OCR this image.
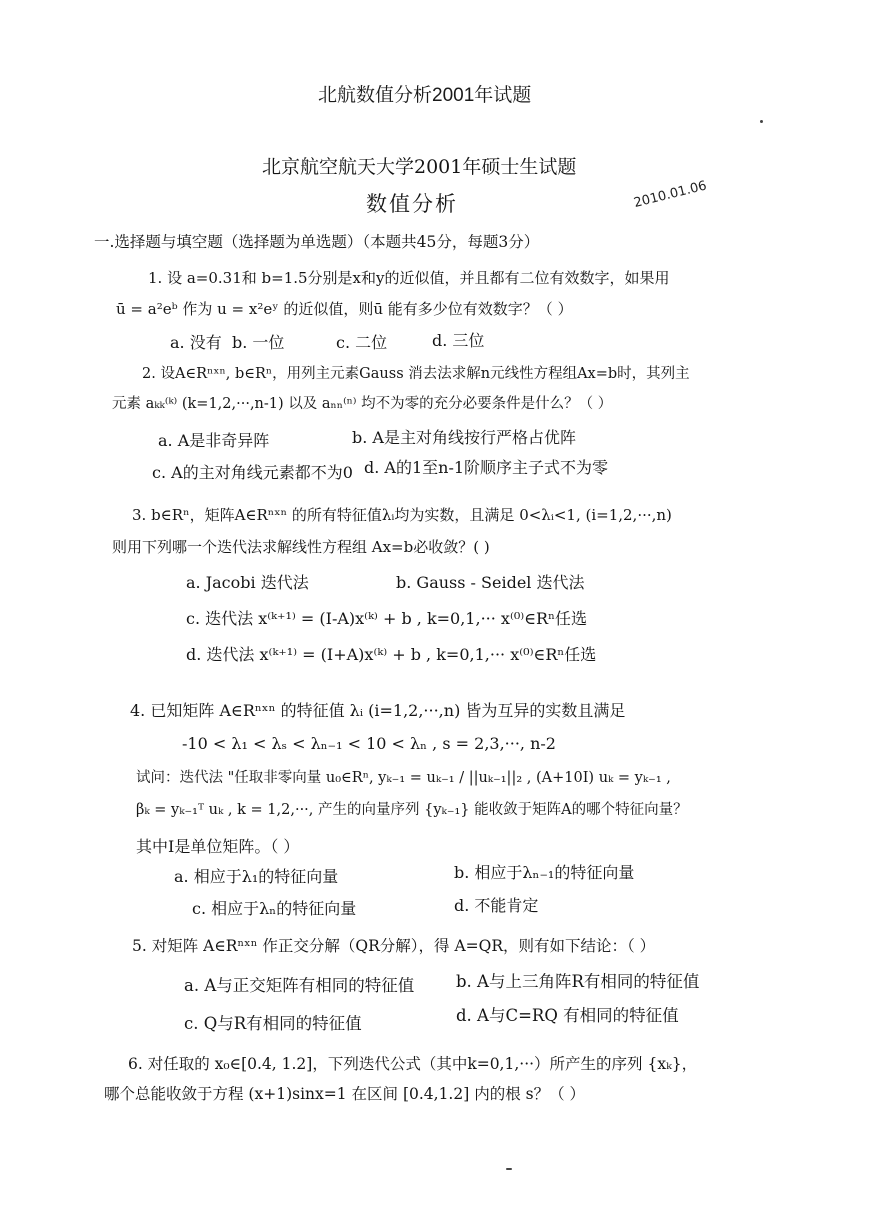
北航数值分析2001年试题
北京航空航天大学2001年硕士生试题
数值分析	2010.01.06
一.选择题与填空题（选择题为单选题）（本题共45分，每题3分）
1. 设 a=0.31和 b=1.5分别是x和y的近似值，并且都有二位有效数字，如果用
ū = a²eᵇ 作为 u = x²eʸ 的近似值，则ū 能有多少位有效数字？（ ）
a. 没有 b. 一位	c. 二位	d. 三位
2. 设A∈Rⁿˣⁿ, b∈Rⁿ，用列主元素Gauss 消去法求解n元线性方程组Ax=b时，其列主
元素 aₖₖ⁽ᵏ⁾ (k=1,2,···,n-1) 以及 aₙₙ⁽ⁿ⁾ 均不为零的充分必要条件是什么？（ ）
a. A是非奇异阵	b. A是主对角线按行严格占优阵
c. A的主对角线元素都不为0 d. A的1至n-1阶顺序主子式不为零
3. b∈Rⁿ，矩阵A∈Rⁿˣⁿ 的所有特征值λᵢ均为实数，且满足 0<λᵢ<1, (i=1,2,···,n)
则用下列哪一个迭代法求解线性方程组 Ax=b必收敛？( )
a. Jacobi 迭代法	b. Gauss - Seidel 迭代法
c. 迭代法 x⁽ᵏ⁺¹⁾ = (I-A)x⁽ᵏ⁾ + b , k=0,1,··· x⁽⁰⁾∈Rⁿ任选
d. 迭代法 x⁽ᵏ⁺¹⁾ = (I+A)x⁽ᵏ⁾ + b , k=0,1,··· x⁽⁰⁾∈Rⁿ任选
4. 已知矩阵 A∈Rⁿˣⁿ 的特征值 λᵢ (i=1,2,···,n) 皆为互异的实数且满足
-10 < λ₁ < λₛ < λₙ₋₁ < 10 < λₙ , s = 2,3,···, n-2
试问：迭代法 "任取非零向量 u₀∈Rⁿ, yₖ₋₁ = uₖ₋₁ / ||uₖ₋₁||₂ , (A+10I) uₖ = yₖ₋₁ ,
βₖ = yₖ₋₁ᵀ uₖ , k = 1,2,···, 产生的向量序列 {yₖ₋₁} 能收敛于矩阵A的哪个特征向量？
其中I是单位矩阵。（ ）
a. 相应于λ₁的特征向量	b. 相应于λₙ₋₁的特征向量
c. 相应于λₙ的特征向量	d. 不能肯定
5. 对矩阵 A∈Rⁿˣⁿ 作正交分解（QR分解），得 A=QR，则有如下结论：（ ）
a. A与正交矩阵有相同的特征值	b. A与上三角阵R有相同的特征值
c. Q与R有相同的特征值	d. A与C=RQ 有相同的特征值
6. 对任取的 x₀∈[0.4, 1.2]，下列迭代公式（其中k=0,1,···）所产生的序列 {xₖ}，
哪个总能收敛于方程 (x+1)sinx=1 在区间 [0.4,1.2] 内的根 s？（ ）
